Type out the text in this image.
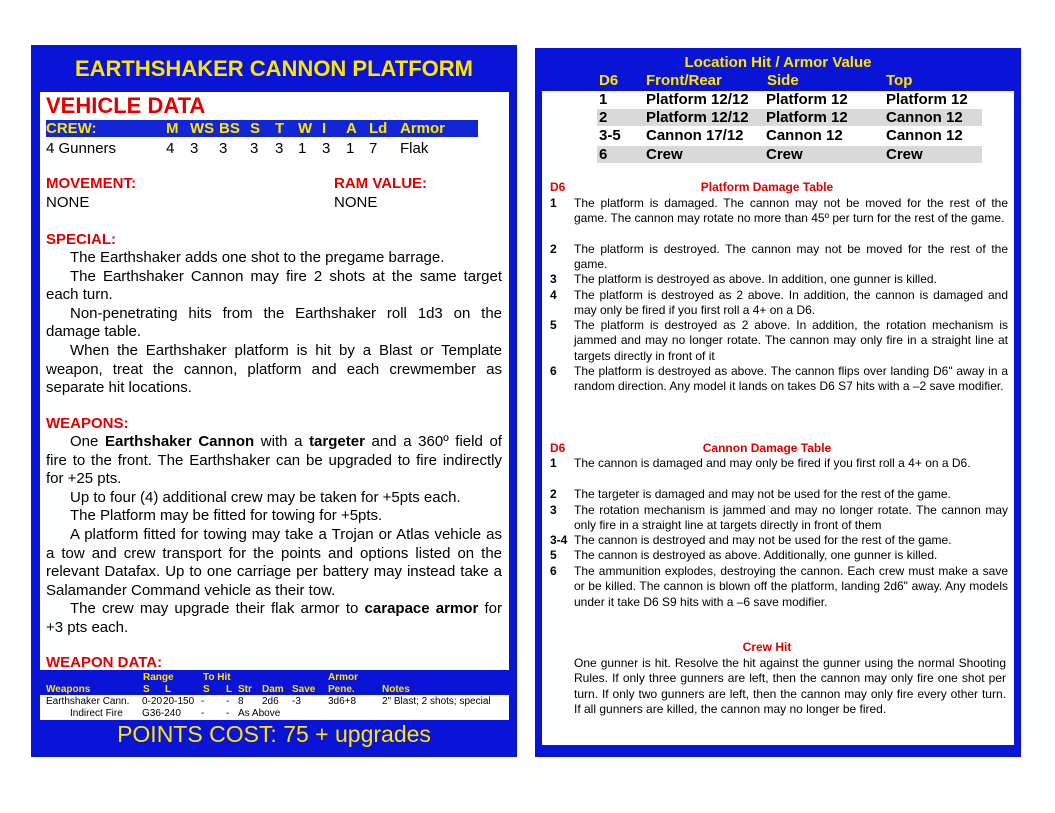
EARTHSHAKER CANNON PLATFORM
VEHICLE DATA
CREW:	M WS BS S T W I A Ld Armor
4 Gunners	4 3 3 3 3 1 3 1 7 Flak
MOVEMENT:
NONE
RAM VALUE:
NONE
SPECIAL:
The Earthshaker adds one shot to the pregame barrage.
The Earthshaker Cannon may fire 2 shots at the same target each turn.
Non-penetrating hits from the Earthshaker roll 1d3 on the damage table.
When the Earthshaker platform is hit by a Blast or Template weapon, treat the cannon, platform and each crewmember as separate hit locations.
WEAPONS:
One Earthshaker Cannon with a targeter and a 360º field of fire to the front. The Earthshaker can be upgraded to fire indirectly for +25 pts.
Up to four (4) additional crew may be taken for +5pts each.
The Platform may be fitted for towing for +5pts.
A platform fitted for towing may take a Trojan or Atlas vehicle as a tow and crew transport for the points and options listed on the relevant Datafax. Up to one carriage per battery may instead take a Salamander Command vehicle as their tow.
The crew may upgrade their flak armor to carapace armor for +3 pts each.
WEAPON DATA:
Range	To Hit	Armor
Weapons	S L	S L Str Dam Save Pene.	Notes
Earthshaker Cann. 0-20 20-150 - - 8 2d6 -3	3d6+8	2" Blast; 2 shots; special
Indirect Fire G36-240 - - As Above
POINTS COST: 75 + upgrades
Location Hit / Armor Value
D6 Front/Rear	Side	Top
1	Platform 12/12 Platform 12	Platform 12
2	Platform 12/12 Platform 12	Cannon 12
3-5 Cannon 17/12 Cannon 12	Cannon 12
6	Crew	Crew	Crew
D6	Platform Damage Table
1 The platform is damaged. The cannon may not be moved for the rest of the game. The cannon may rotate no more than 45º per turn for the rest of the game.
2 The platform is destroyed. The cannon may not be moved for the rest of the game.
3 The platform is destroyed as above. In addition, one gunner is killed.
4 The platform is destroyed as 2 above. In addition, the cannon is damaged and may only be fired if you first roll a 4+ on a D6.
5 The platform is destroyed as 2 above. In addition, the rotation mechanism is jammed and may no longer rotate. The cannon may only fire in a straight line at targets directly in front of it
6 The platform is destroyed as above. The cannon flips over landing D6" away in a random direction. Any model it lands on takes D6 S7 hits with a –2 save modifier.
D6	Cannon Damage Table
1 The cannon is damaged and may only be fired if you first roll a 4+ on a D6.
2 The targeter is damaged and may not be used for the rest of the game.
3 The rotation mechanism is jammed and may no longer rotate. The cannon may only fire in a straight line at targets directly in front of them
3-4 The cannon is destroyed and may not be used for the rest of the game.
5 The cannon is destroyed as above. Additionally, one gunner is killed.
6 The ammunition explodes, destroying the cannon. Each crew must make a save or be killed. The cannon is blown off the platform, landing 2d6" away. Any models under it take D6 S9 hits with a –6 save modifier.
Crew Hit
One gunner is hit. Resolve the hit against the gunner using the normal Shooting Rules. If only three gunners are left, then the cannon may only fire one shot per turn. If only two gunners are left, then the cannon may only fire every other turn. If all gunners are killed, the cannon may no longer be fired.
